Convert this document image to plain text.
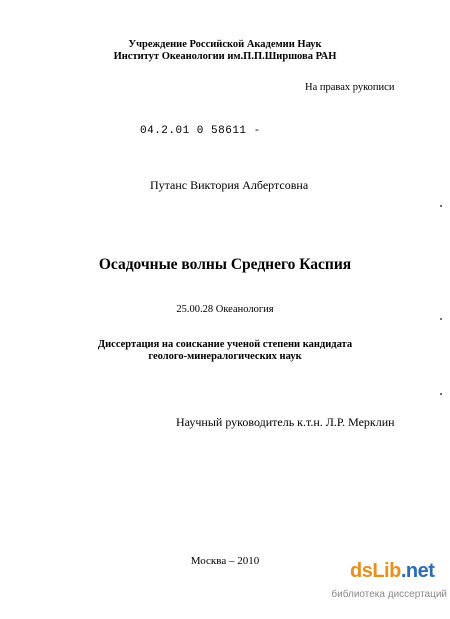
Учреждение Российской Академии Наук
Институт Океанологии им.П.П.Ширшова РАН
На правах рукописи
04.2.01 0 58611 -
Путанс Виктория Албертсовна
Осадочные волны Среднего Каспия
25.00.28 Океанология
Диссертация на соискание ученой степени кандидата
геолого-минералогических наук
Научный руководитель к.т.н. Л.Р. Мерклин
Москва – 2010	dsLib.net
библиотека диссертаций
